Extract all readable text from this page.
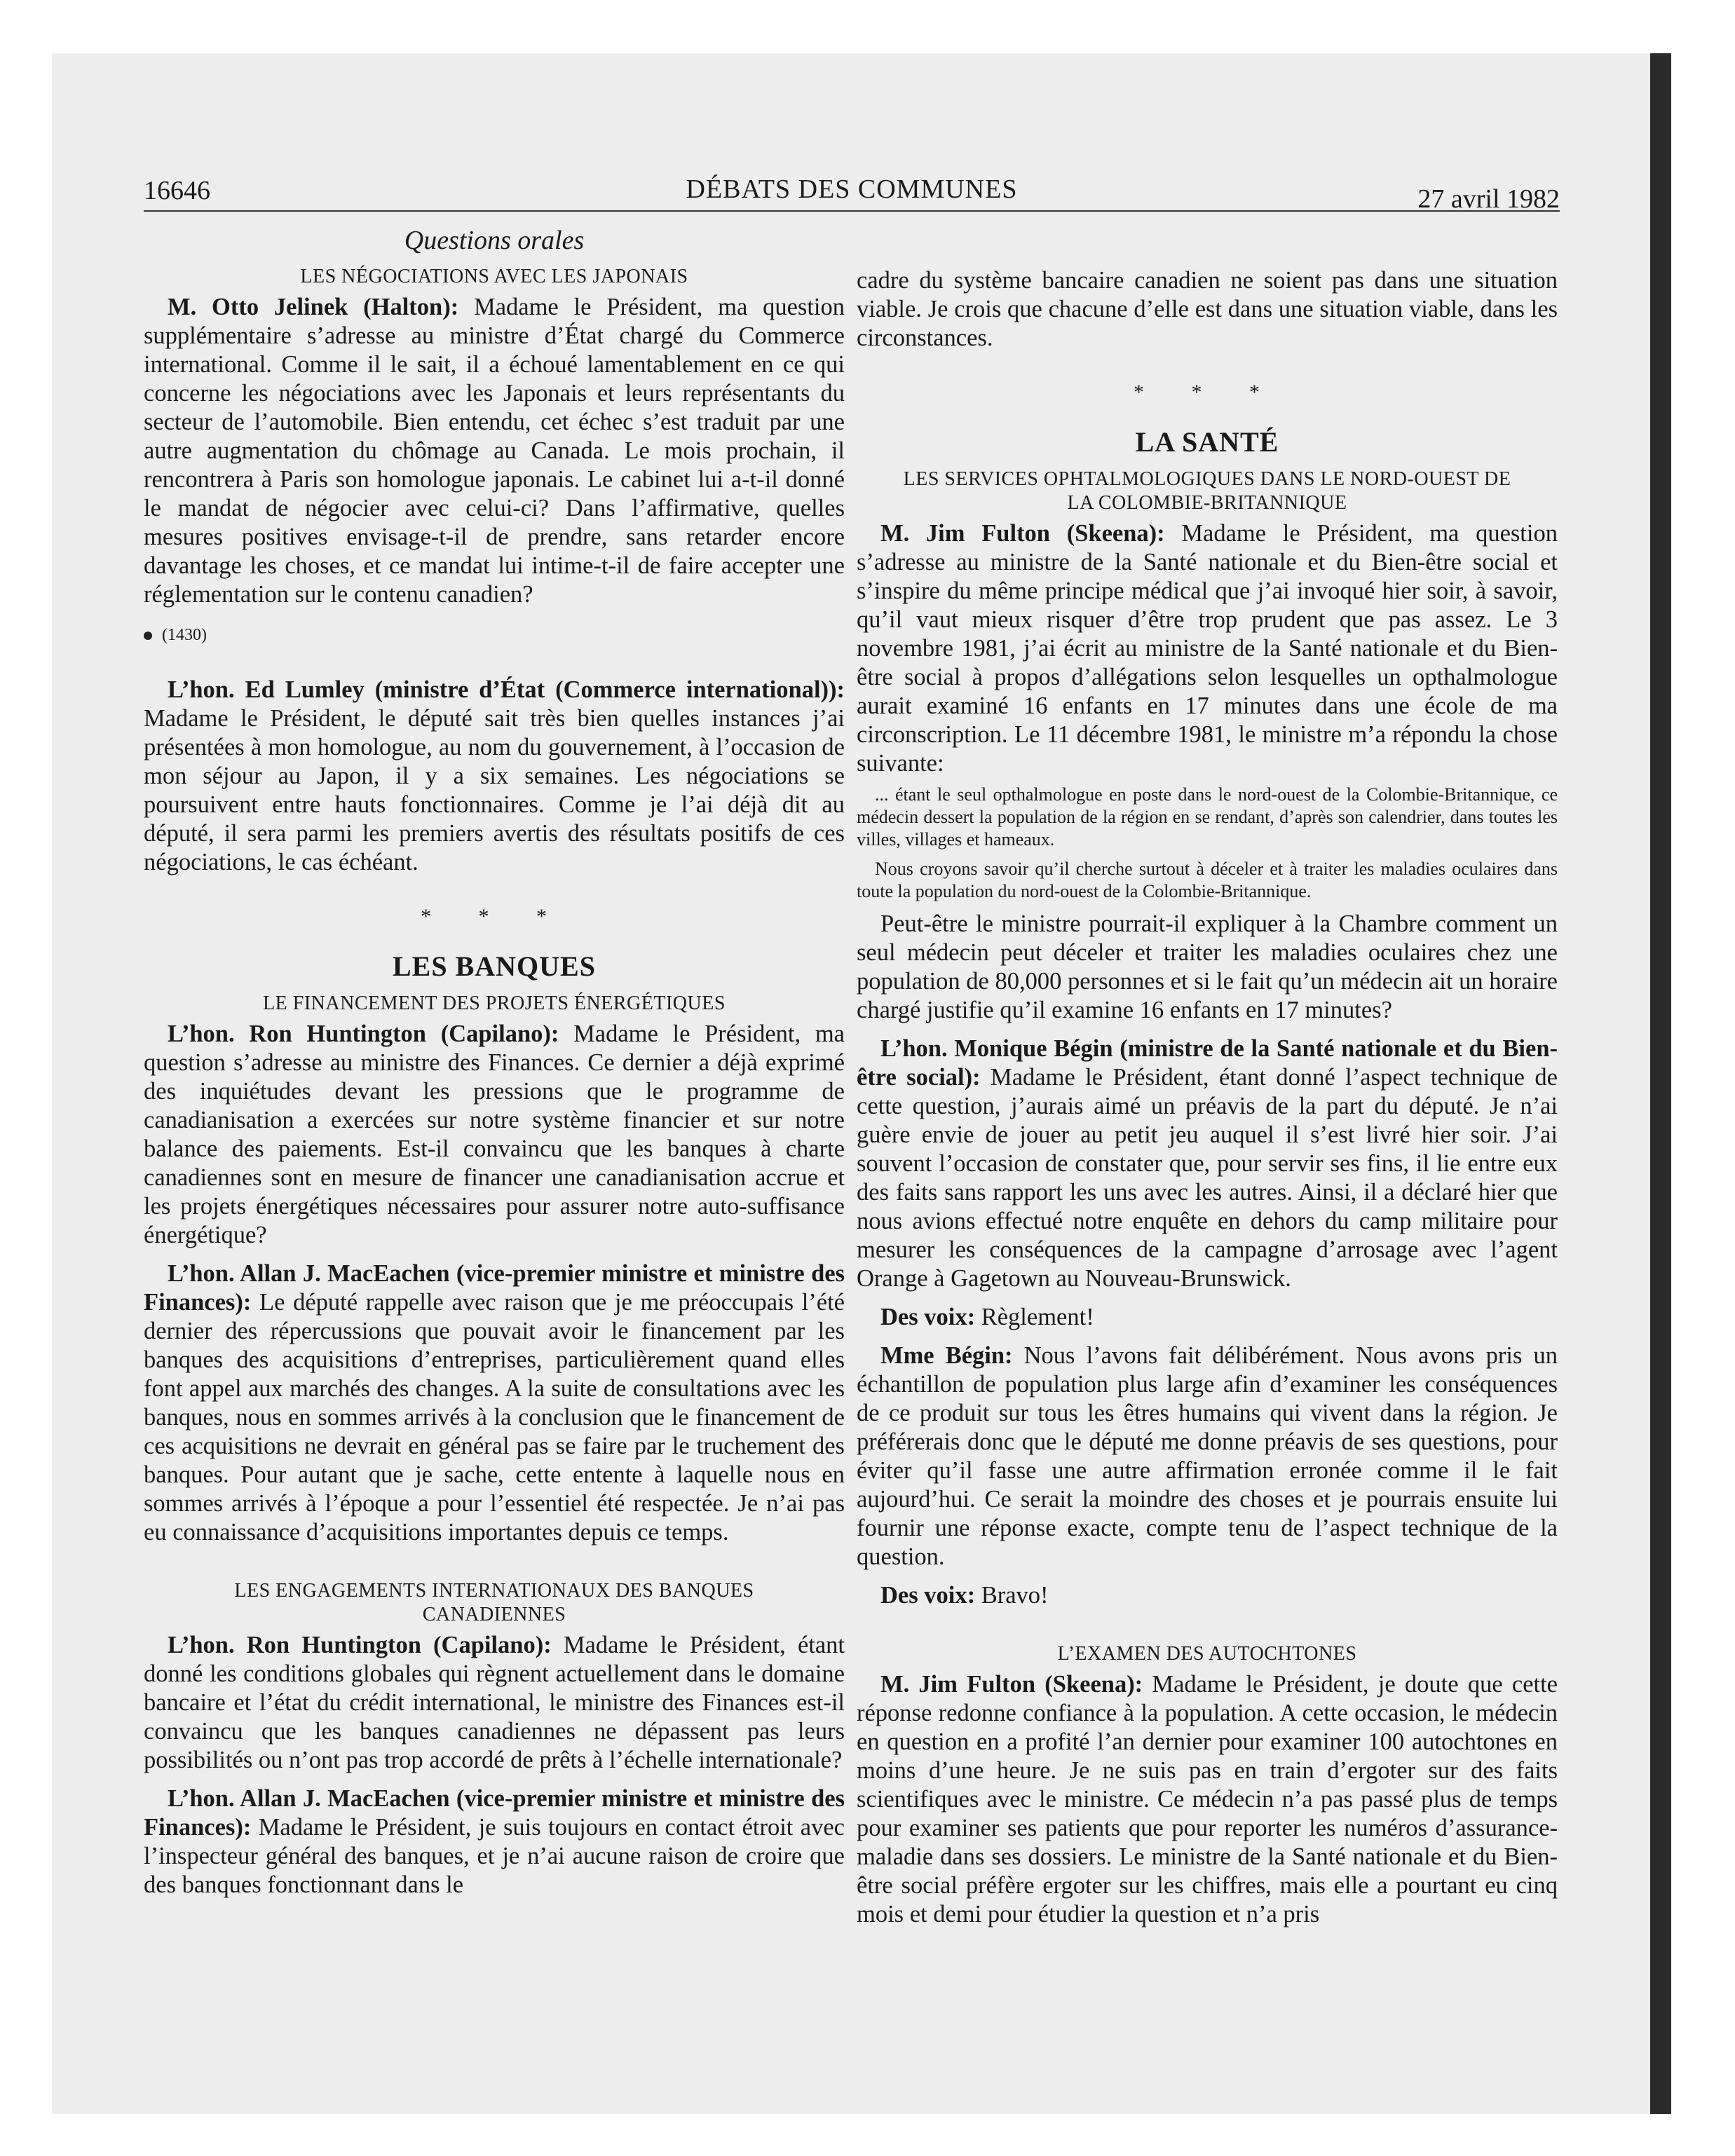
16646	DÉBATS DES COMMUNES	27 avril 1982
Questions orales
LES NÉGOCIATIONS AVEC LES JAPONAIS

M. Otto Jelinek (Halton): Madame le Président, ma question supplémentaire s’adresse au ministre d’État chargé du Commerce international. Comme il le sait, il a échoué lamentablement en ce qui concerne les négociations avec les Japonais et leurs représentants du secteur de l’automobile. Bien entendu, cet échec s’est traduit par une autre augmentation du chômage au Canada. Le mois prochain, il rencontrera à Paris son homologue japonais. Le cabinet lui a-t-il donné le mandat de négocier avec celui-ci? Dans l’affirmative, quelles mesures positives envisage-t-il de prendre, sans retarder encore davantage les choses, et ce mandat lui intime-t-il de faire accepter une réglementation sur le contenu canadien?

(1430)

L’hon. Ed Lumley (ministre d’État (Commerce international)): Madame le Président, le député sait très bien quelles instances j’ai présentées à mon homologue, au nom du gouvernement, à l’occasion de mon séjour au Japon, il y a six semaines. Les négociations se poursuivent entre hauts fonctionnaires. Comme je l’ai déjà dit au député, il sera parmi les premiers avertis des résultats positifs de ces négociations, le cas échéant.

* * *
LES BANQUES
LE FINANCEMENT DES PROJETS ÉNERGÉTIQUES

L’hon. Ron Huntington (Capilano): Madame le Président, ma question s’adresse au ministre des Finances. Ce dernier a déjà exprimé des inquiétudes devant les pressions que le programme de canadianisation a exercées sur notre système financier et sur notre balance des paiements. Est-il convaincu que les banques à charte canadiennes sont en mesure de financer une canadianisation accrue et les projets énergétiques nécessaires pour assurer notre auto-suffisance énergétique?

L’hon. Allan J. MacEachen (vice-premier ministre et ministre des Finances): Le député rappelle avec raison que je me préoccupais l’été dernier des répercussions que pouvait avoir le financement par les banques des acquisitions d’entreprises, particulièrement quand elles font appel aux marchés des changes. A la suite de consultations avec les banques, nous en sommes arrivés à la conclusion que le financement de ces acquisitions ne devrait en général pas se faire par le truchement des banques. Pour autant que je sache, cette entente à laquelle nous en sommes arrivés à l’époque a pour l’essentiel été respectée. Je n’ai pas eu connaissance d’acquisitions importantes depuis ce temps.

LES ENGAGEMENTS INTERNATIONAUX DES BANQUES CANADIENNES

L’hon. Ron Huntington (Capilano): Madame le Président, étant donné les conditions globales qui règnent actuellement dans le domaine bancaire et l’état du crédit international, le ministre des Finances est-il convaincu que les banques canadiennes ne dépassent pas leurs possibilités ou n’ont pas trop accordé de prêts à l’échelle internationale?

L’hon. Allan J. MacEachen (vice-premier ministre et ministre des Finances): Madame le Président, je suis toujours en contact étroit avec l’inspecteur général des banques, et je n’ai aucune raison de croire que des banques fonctionnant dans le

cadre du système bancaire canadien ne soient pas dans une situation viable. Je crois que chacune d’elle est dans une situation viable, dans les circonstances.

* * *
LA SANTÉ
LES SERVICES OPHTALMOLOGIQUES DANS LE NORD-OUEST DE LA COLOMBIE-BRITANNIQUE

M. Jim Fulton (Skeena): Madame le Président, ma question s’adresse au ministre de la Santé nationale et du Bien-être social et s’inspire du même principe médical que j’ai invoqué hier soir, à savoir, qu’il vaut mieux risquer d’être trop prudent que pas assez. Le 3 novembre 1981, j’ai écrit au ministre de la Santé nationale et du Bien-être social à propos d’allégations selon lesquelles un opthalmologue aurait examiné 16 enfants en 17 minutes dans une école de ma circonscription. Le 11 décembre 1981, le ministre m’a répondu la chose suivante:

... étant le seul opthalmologue en poste dans le nord-ouest de la Colombie-Britannique, ce médecin dessert la population de la région en se rendant, d’après son calendrier, dans toutes les villes, villages et hameaux.

Nous croyons savoir qu’il cherche surtout à déceler et à traiter les maladies oculaires dans toute la population du nord-ouest de la Colombie-Britannique.

Peut-être le ministre pourrait-il expliquer à la Chambre comment un seul médecin peut déceler et traiter les maladies oculaires chez une population de 80,000 personnes et si le fait qu’un médecin ait un horaire chargé justifie qu’il examine 16 enfants en 17 minutes?

L’hon. Monique Bégin (ministre de la Santé nationale et du Bien-être social): Madame le Président, étant donné l’aspect technique de cette question, j’aurais aimé un préavis de la part du député. Je n’ai guère envie de jouer au petit jeu auquel il s’est livré hier soir. J’ai souvent l’occasion de constater que, pour servir ses fins, il lie entre eux des faits sans rapport les uns avec les autres. Ainsi, il a déclaré hier que nous avions effectué notre enquête en dehors du camp militaire pour mesurer les conséquences de la campagne d’arrosage avec l’agent Orange à Gagetown au Nouveau-Brunswick.

Des voix: Règlement!

Mme Bégin: Nous l’avons fait délibérément. Nous avons pris un échantillon de population plus large afin d’examiner les conséquences de ce produit sur tous les êtres humains qui vivent dans la région. Je préférerais donc que le député me donne préavis de ses questions, pour éviter qu’il fasse une autre affirmation erronée comme il le fait aujourd’hui. Ce serait la moindre des choses et je pourrais ensuite lui fournir une réponse exacte, compte tenu de l’aspect technique de la question.

Des voix: Bravo!

L’EXAMEN DES AUTOCHTONES

M. Jim Fulton (Skeena): Madame le Président, je doute que cette réponse redonne confiance à la population. A cette occasion, le médecin en question en a profité l’an dernier pour examiner 100 autochtones en moins d’une heure. Je ne suis pas en train d’ergoter sur des faits scientifiques avec le ministre. Ce médecin n’a pas passé plus de temps pour examiner ses patients que pour reporter les numéros d’assurance-maladie dans ses dossiers. Le ministre de la Santé nationale et du Bien-être social préfère ergoter sur les chiffres, mais elle a pourtant eu cinq mois et demi pour étudier la question et n’a pris
